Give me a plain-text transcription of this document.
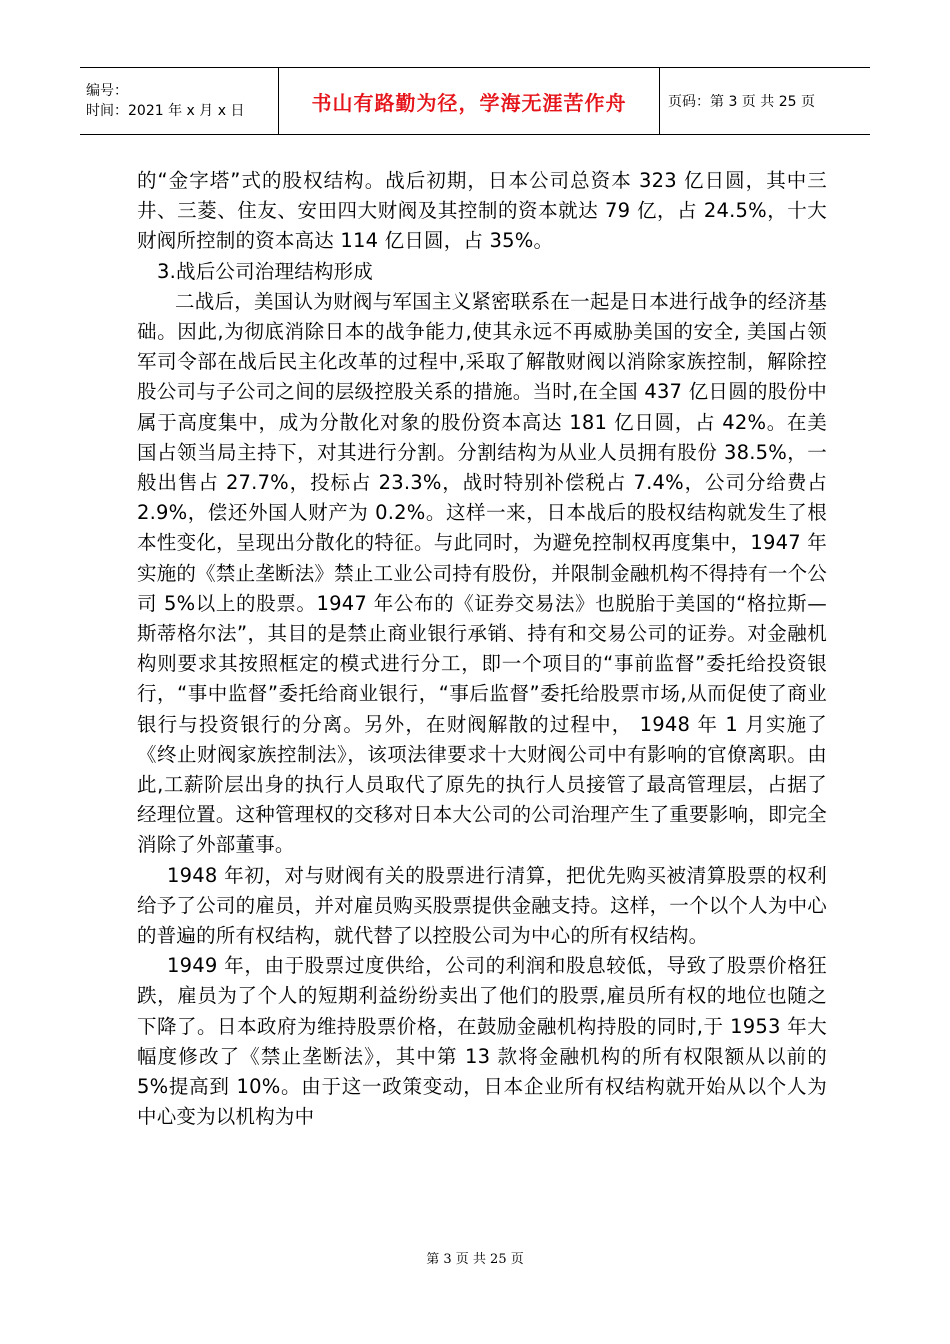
编号：
时间：2021 年 x 月 x 日	书山有路勤为径，学海无涯苦作舟	页码：第 3 页 共 25 页

的“金字塔”式的股权结构。战后初期，日本公司总资本 323 亿日圆，其中三井、三菱、住友、安田四大财阀及其控制的资本就达 79 亿，占 24.5%，十大财阀所控制的资本高达 114 亿日圆，占 35%。

3.战后公司治理结构形成

二战后，美国认为财阀与军国主义紧密联系在一起是日本进行战争的经济基础。因此,为彻底消除日本的战争能力,使其永远不再威胁美国的安全, 美国占领军司令部在战后民主化改革的过程中,采取了解散财阀以消除家族控制，解除控股公司与子公司之间的层级控股关系的措施。当时,在全国 437 亿日圆的股份中属于高度集中，成为分散化对象的股份资本高达 181 亿日圆，占 42%。在美国占领当局主持下，对其进行分割。分割结构为从业人员拥有股份 38.5%，一般出售占 27.7%，投标占 23.3%，战时特别补偿税占 7.4%，公司分给费占 2.9%，偿还外国人财产为 0.2%。这样一来，日本战后的股权结构就发生了根本性变化，呈现出分散化的特征。与此同时，为避免控制权再度集中，1947 年实施的《禁止垄断法》禁止工业公司持有股份，并限制金融机构不得持有一个公司 5%以上的股票。1947 年公布的《证券交易法》也脱胎于美国的“格拉斯—斯蒂格尔法”，其目的是禁止商业银行承销、持有和交易公司的证券。对金融机构则要求其按照框定的模式进行分工，即一个项目的“事前监督”委托给投资银行，“事中监督”委托给商业银行，“事后监督”委托给股票市场,从而促使了商业银行与投资银行的分离。另外，在财阀解散的过程中， 1948 年 1 月实施了《终止财阀家族控制法》，该项法律要求十大财阀公司中有影响的官僚离职。由此,工薪阶层出身的执行人员取代了原先的执行人员接管了最高管理层，占据了经理位置。这种管理权的交移对日本大公司的公司治理产生了重要影响，即完全消除了外部董事。

1948 年初，对与财阀有关的股票进行清算，把优先购买被清算股票的权利给予了公司的雇员，并对雇员购买股票提供金融支持。这样，一个以个人为中心的普遍的所有权结构，就代替了以控股公司为中心的所有权结构。

1949 年，由于股票过度供给，公司的利润和股息较低，导致了股票价格狂跌，雇员为了个人的短期利益纷纷卖出了他们的股票,雇员所有权的地位也随之下降了。日本政府为维持股票价格，在鼓励金融机构持股的同时,于 1953 年大幅度修改了《禁止垄断法》，其中第 13 款将金融机构的所有权限额从以前的 5%提高到 10%。由于这一政策变动，日本企业所有权结构就开始从以个人为中心变为以机构为中

第 3 页 共 25 页
